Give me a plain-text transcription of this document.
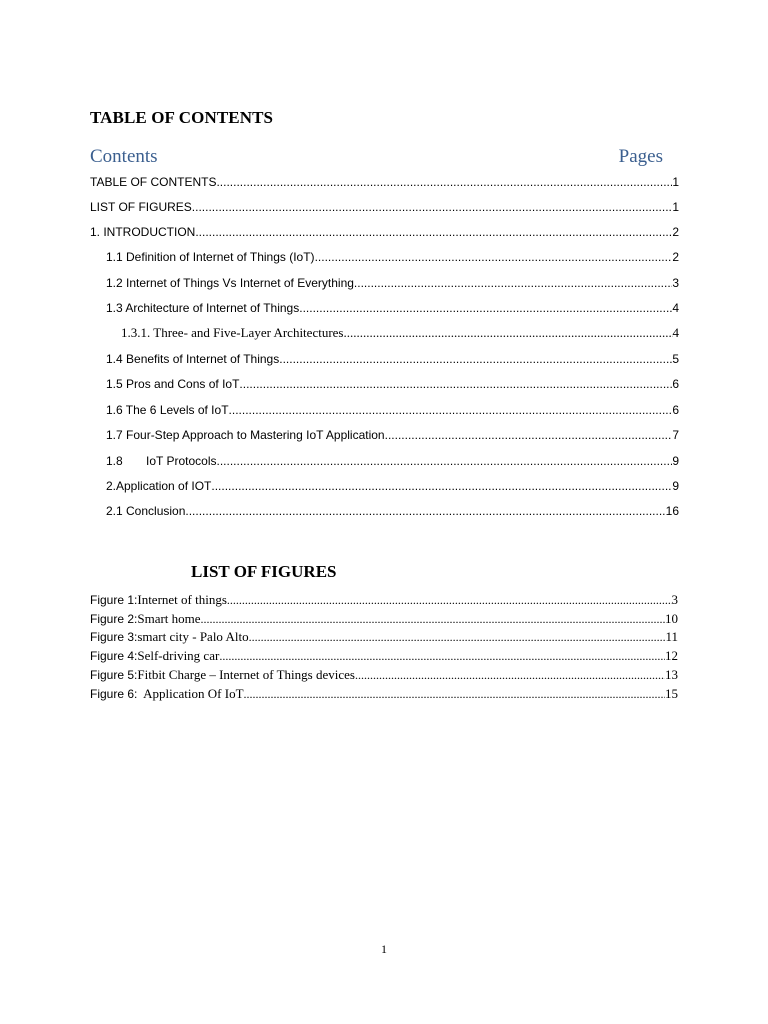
TABLE OF CONTENTS
Contents	Pages
TABLE OF CONTENTS .....	1
LIST OF FIGURES .....	1
1. INTRODUCTION .....	2
1.1 Definition of Internet of Things (IoT) .....	2
1.2 Internet of Things Vs Internet of Everything .....	3
1.3 Architecture of Internet of Things .....	4
1.3.1. Three- and Five-Layer Architectures .....	4
1.4 Benefits of Internet of Things .....	5
1.5 Pros and Cons of IoT .....	6
1.6 The 6 Levels of IoT .....	6
1.7 Four-Step Approach to Mastering IoT Application .....	7
1.8       IoT Protocols .....	9
2.Application of IOT .....	9
2.1 Conclusion .....	16
LIST OF FIGURES
Figure 1: Internet of things .....	3
Figure 2: Smart home .....	10
Figure 3: smart city - Palo Alto .....	11
Figure 4: Self-driving car .....	12
Figure 5: Fitbit Charge – Internet of Things devices .....	13
Figure 6: Application Of IoT .....	15
1
